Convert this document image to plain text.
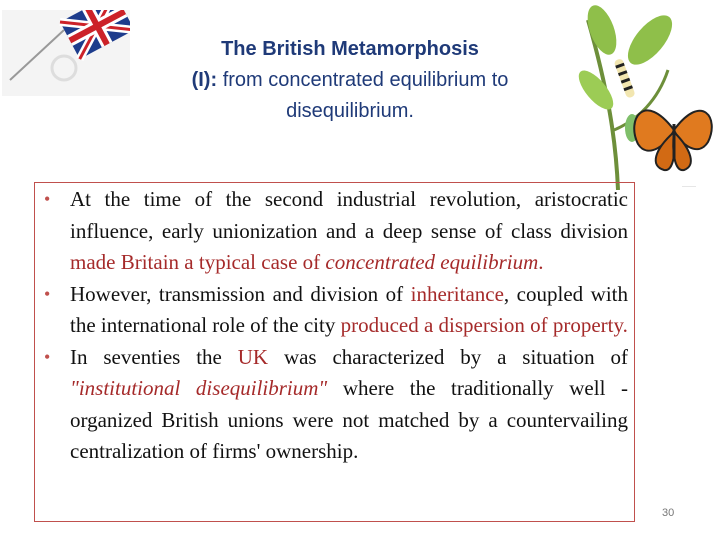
The British Metamorphosis
(I): from concentrated equilibrium to disequilibrium.
·······
• At the time of the second industrial revolution, aristocratic influence, early unionization and a deep sense of class division made Britain a typical case of concentrated equilibrium.
• However, transmission and division of inheritance, coupled with the international role of the city produced a dispersion of property.
• In seventies the UK was characterized by a situation of "institutional disequilibrium" where the traditionally well -organized British unions were not matched by a countervailing centralization of firms' ownership.
30
